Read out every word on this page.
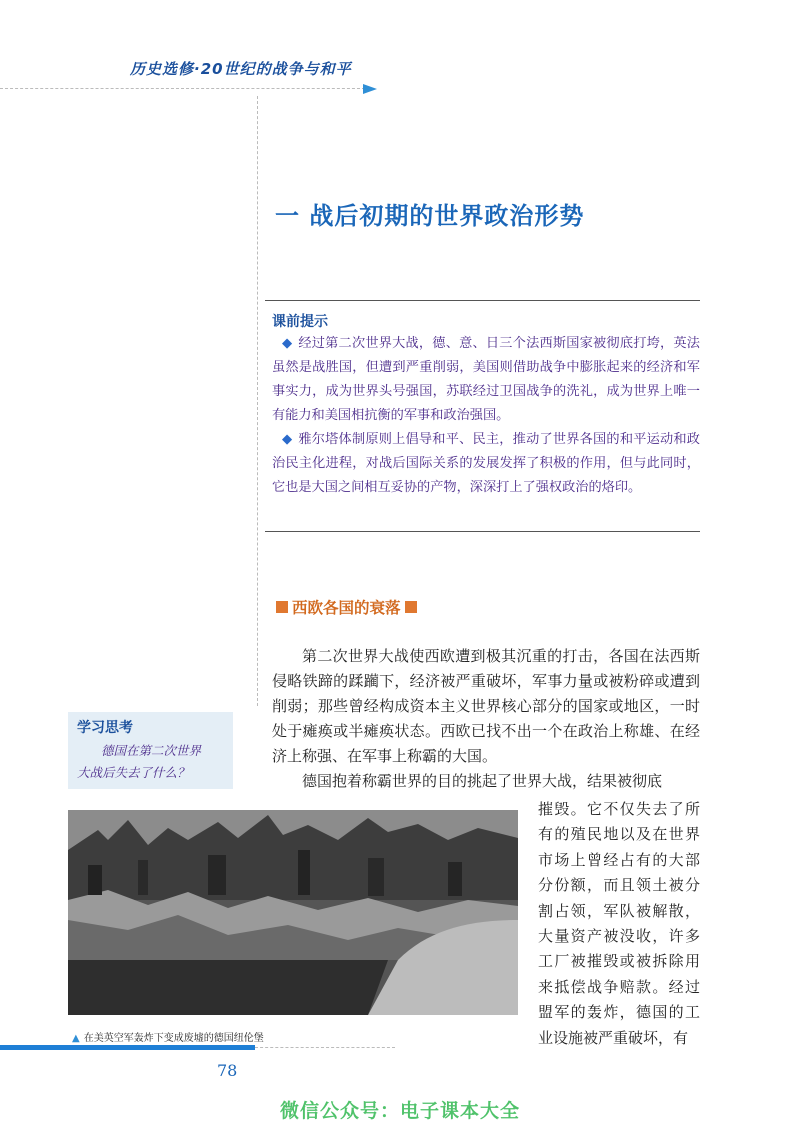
历史选修·20世纪的战争与和平
一 战后初期的世界政治形势
课前提示

◆ 经过第二次世界大战，德、意、日三个法西斯国家被彻底打垮，英法虽然是战胜国，但遭到严重削弱，美国则借助战争中膨胀起来的经济和军事实力，成为世界头号强国，苏联经过卫国战争的洗礼，成为世界上唯一有能力和美国相抗衡的军事和政治强国。

◆ 雅尔塔体制原则上倡导和平、民主，推动了世界各国的和平运动和政治民主化进程，对战后国际关系的发展发挥了积极的作用，但与此同时，它也是大国之间相互妥协的产物，深深打上了强权政治的烙印。

西欧各国的衰落

第二次世界大战使西欧遭到极其沉重的打击，各国在法西斯侵略铁蹄的蹂躏下，经济被严重破坏，军事力量或被粉碎或遭到削弱；那些曾经构成资本主义世界核心部分的国家或地区，一时处于瘫痪或半瘫痪状态。西欧已找不出一个在政治上称雄、在经济上称强、在军事上称霸的大国。

德国抱着称霸世界的目的挑起了世界大战，结果被彻底

摧毁。它不仅失去了所有的殖民地以及在世界市场上曾经占有的大部分份额，而且领土被分割占领，军队被解散，大量资产被没收，许多工厂被摧毁或被拆除用来抵偿战争赔款。经过盟军的轰炸，德国的工业设施被严重破坏，有
学习思考
德国在第二次世界
大战后失去了什么？
▲ 在美英空军轰炸下变成废墟的德国纽伦堡
78
微信公众号：电子课本大全
